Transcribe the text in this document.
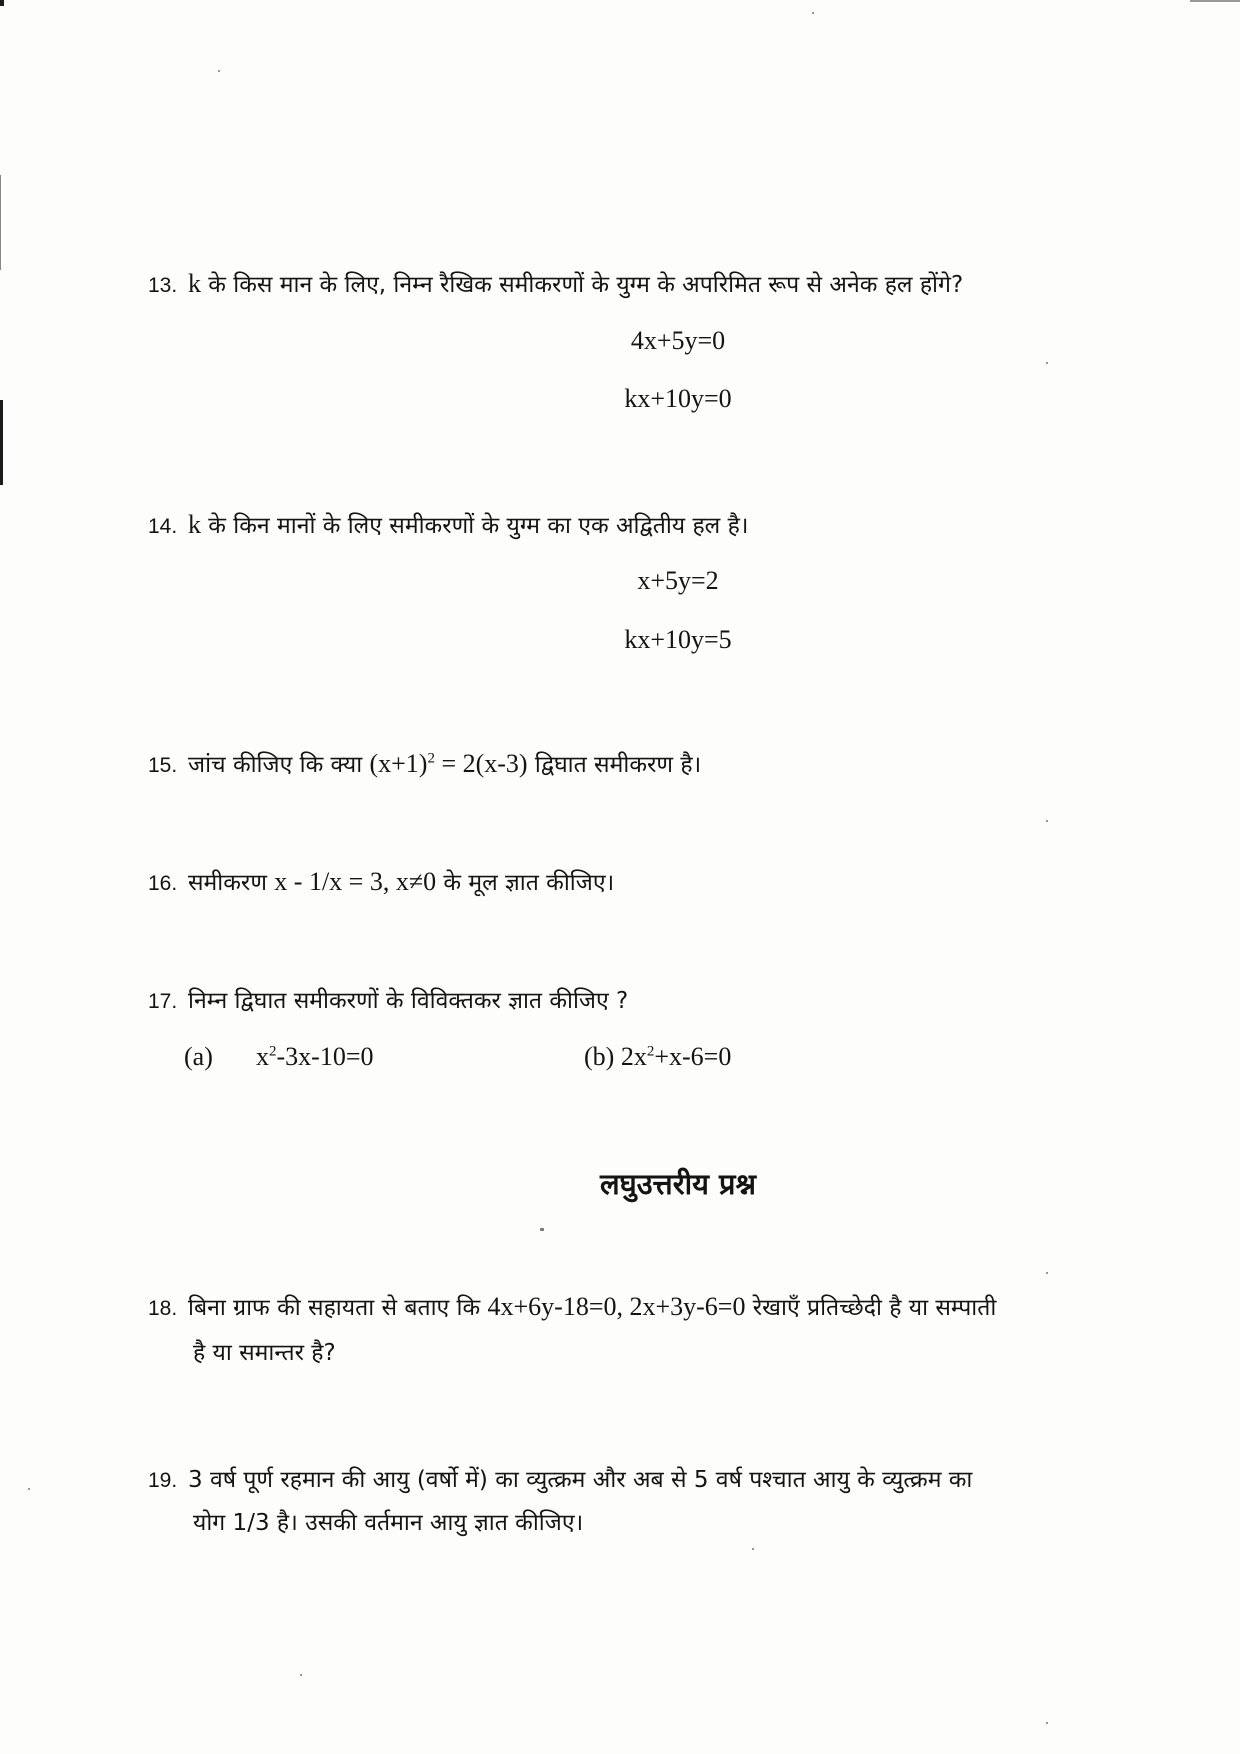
13. k के किस मान के लिए, निम्न रैखिक समीकरणों के युग्म के अपरिमित रूप से अनेक हल होंगे?
4x+5y=0
kx+10y=0
14. k के किन मानों के लिए समीकरणों के युग्म का एक अद्वितीय हल है।
x+5y=2
kx+10y=5
15. जांच कीजिए कि क्या $(x+1)^2 = 2(x-3)$ द्विघात समीकरण है।
16. समीकरण x - 1/x = 3, x≠0 के मूल ज्ञात कीजिए।
17. निम्न द्विघात समीकरणों के विविक्तकर ज्ञात कीजिए ?
(a) $x^2-3x-10=0$	(b) $2x^2+x-6=0$
लघुउत्तरीय प्रश्न
18. बिना ग्राफ की सहायता से बताए कि 4x+6y-18=0, 2x+3y-6=0 रेखाएँ प्रतिच्छेदी है या सम्पाती
है या समान्तर है?
19. 3 वर्ष पूर्ण रहमान की आयु (वर्षो में) का व्युत्क्रम और अब से 5 वर्ष पश्चात आयु के व्युत्क्रम का
योग 1/3 है। उसकी वर्तमान आयु ज्ञात कीजिए।
